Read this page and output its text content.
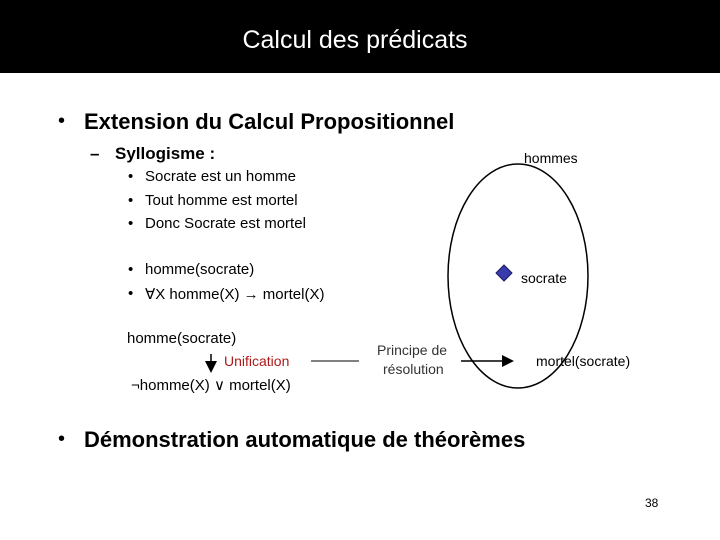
Calcul des prédicats
• Extension du Calcul Propositionnel
– Syllogisme :
• Socrate est un homme
• Tout homme est mortel
• Donc Socrate est mortel
• homme(socrate)
• ∀X homme(X) → mortel(X)
homme(socrate)
Unification
¬homme(X) ∨ mortel(X)
Principe de
résolution	mortel(socrate)
hommes
socrate
• Démonstration automatique de théorèmes
38
